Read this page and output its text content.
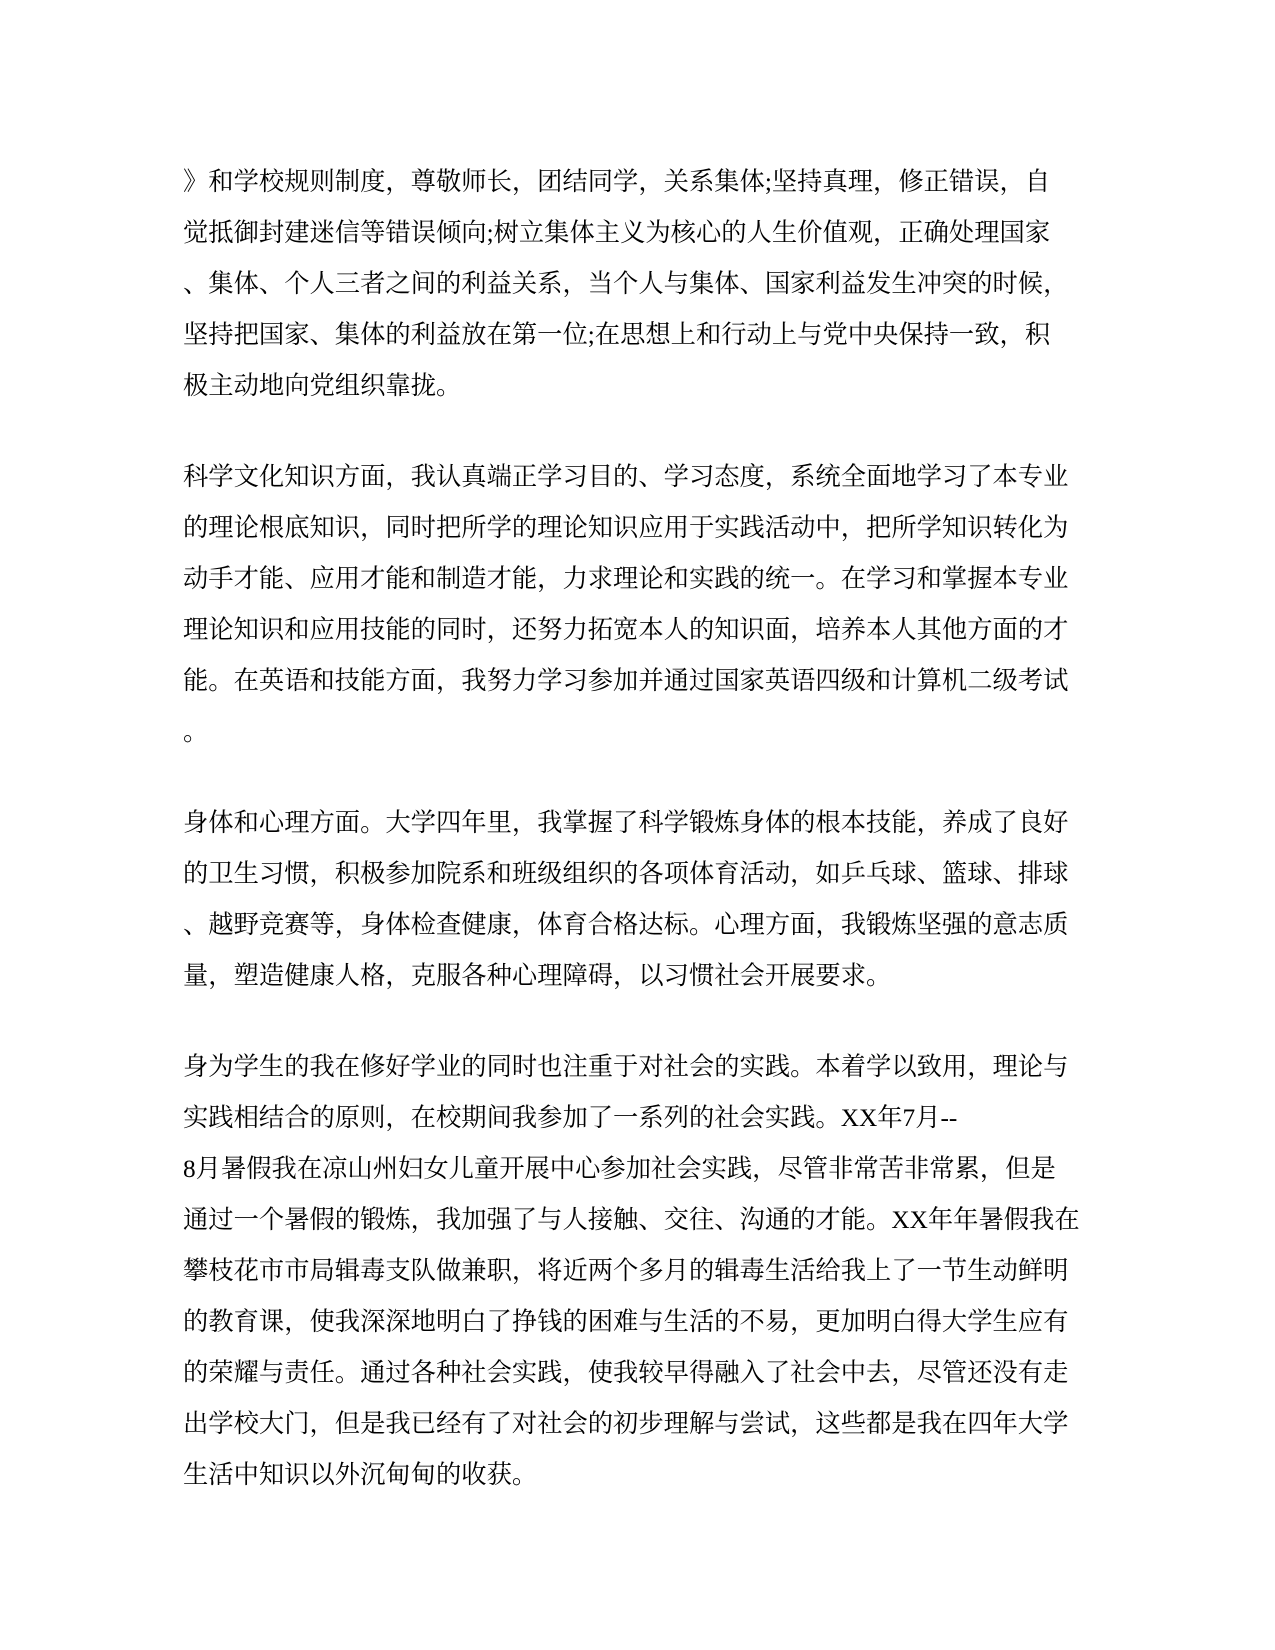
》和学校规则制度，尊敬师长，团结同学，关系集体;坚持真理，修正错误，自
觉抵御封建迷信等错误倾向;树立集体主义为核心的人生价值观，正确处理国家
、集体、个人三者之间的利益关系，当个人与集体、国家利益发生冲突的时候，
坚持把国家、集体的利益放在第一位;在思想上和行动上与党中央保持一致，积
极主动地向党组织靠拢。

科学文化知识方面，我认真端正学习目的、学习态度，系统全面地学习了本专业
的理论根底知识，同时把所学的理论知识应用于实践活动中，把所学知识转化为
动手才能、应用才能和制造才能，力求理论和实践的统一。在学习和掌握本专业
理论知识和应用技能的同时，还努力拓宽本人的知识面，培养本人其他方面的才
能。在英语和技能方面，我努力学习参加并通过国家英语四级和计算机二级考试
。

身体和心理方面。大学四年里，我掌握了科学锻炼身体的根本技能，养成了良好
的卫生习惯，积极参加院系和班级组织的各项体育活动，如乒乓球、篮球、排球
、越野竞赛等，身体检查健康，体育合格达标。心理方面，我锻炼坚强的意志质
量，塑造健康人格，克服各种心理障碍，以习惯社会开展要求。

身为学生的我在修好学业的同时也注重于对社会的实践。本着学以致用，理论与
实践相结合的原则，在校期间我参加了一系列的社会实践。XX年7月--
8月暑假我在凉山州妇女儿童开展中心参加社会实践，尽管非常苦非常累，但是
通过一个暑假的锻炼，我加强了与人接触、交往、沟通的才能。XX年年暑假我在
攀枝花市市局辑毒支队做兼职，将近两个多月的辑毒生活给我上了一节生动鲜明
的教育课，使我深深地明白了挣钱的困难与生活的不易，更加明白得大学生应有
的荣耀与责任。通过各种社会实践，使我较早得融入了社会中去，尽管还没有走
出学校大门，但是我已经有了对社会的初步理解与尝试，这些都是我在四年大学
生活中知识以外沉甸甸的收获。
